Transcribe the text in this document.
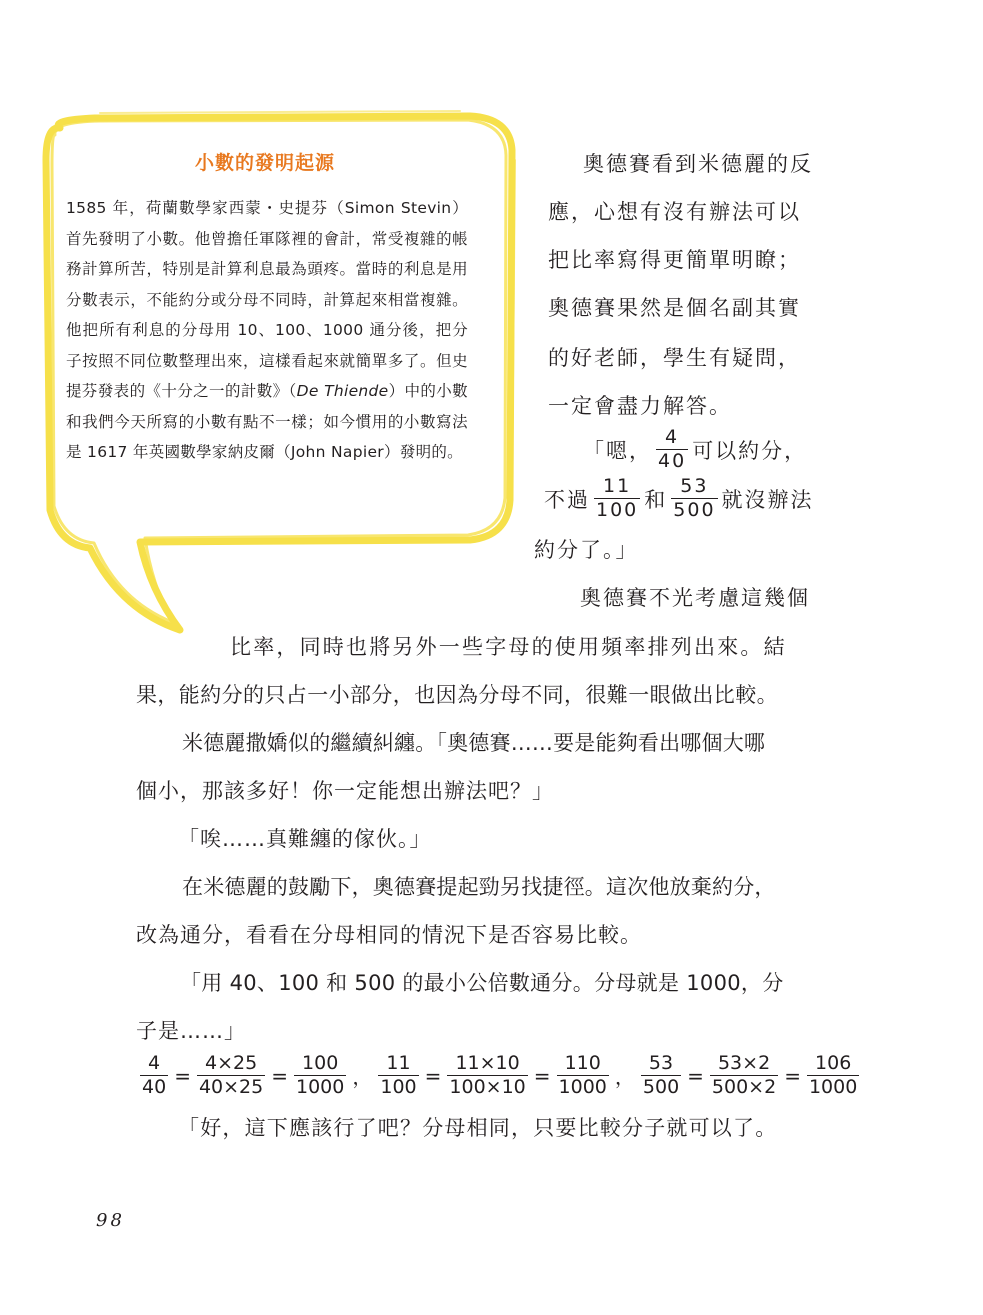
小數的發明起源

1585 年，荷蘭數學家西蒙・史提芬（Simon Stevin）首先發明了小數。他曾擔任軍隊裡的會計，常受複雜的帳務計算所苦，特別是計算利息最為頭疼。當時的利息是用分數表示，不能約分或分母不同時，計算起來相當複雜。他把所有利息的分母用 10、100、1000 通分後，把分子按照不同位數整理出來，這樣看起來就簡單多了。但史提芬發表的《十分之一的計數》（De Thiende）中的小數和我們今天所寫的小數有點不一樣；如今慣用的小數寫法是 1617 年英國數學家納皮爾（John Napier）發明的。

奧德賽看到米德麗的反
應，心想有沒有辦法可以
把比率寫得更簡單明瞭；
奧德賽果然是個名副其實
的好老師，學生有疑問，
一定會盡力解答。
「嗯， $\frac{4}{40}$ 可以約分，
不過 $\frac{11}{100}$ 和 $\frac{53}{500}$ 就沒辦法
約分了。」
奧德賽不光考慮這幾個
比率，同時也將另外一些字母的使用頻率排列出來。結
果，能約分的只占一小部分，也因為分母不同，很難一眼做出比較。
米德麗撒嬌似的繼續糾纏。「奧德賽……要是能夠看出哪個大哪
個小，那該多好！你一定能想出辦法吧？」
「唉……真難纏的傢伙。」
在米德麗的鼓勵下，奧德賽提起勁另找捷徑。這次他放棄約分，
改為通分，看看在分母相同的情況下是否容易比較。
「用 40、100 和 500 的最小公倍數通分。分母就是 1000，分
子是……」
$\frac{4}{40} = \frac{4\times 25}{40\times 25} = \frac{100}{1000}$ ， $\frac{11}{100} = \frac{11\times 10}{100\times 10} = \frac{110}{1000}$ ， $\frac{53}{500} = \frac{53\times 2}{500\times 2} = \frac{106}{1000}$
「好，這下應該行了吧？分母相同，只要比較分子就可以了。
98
